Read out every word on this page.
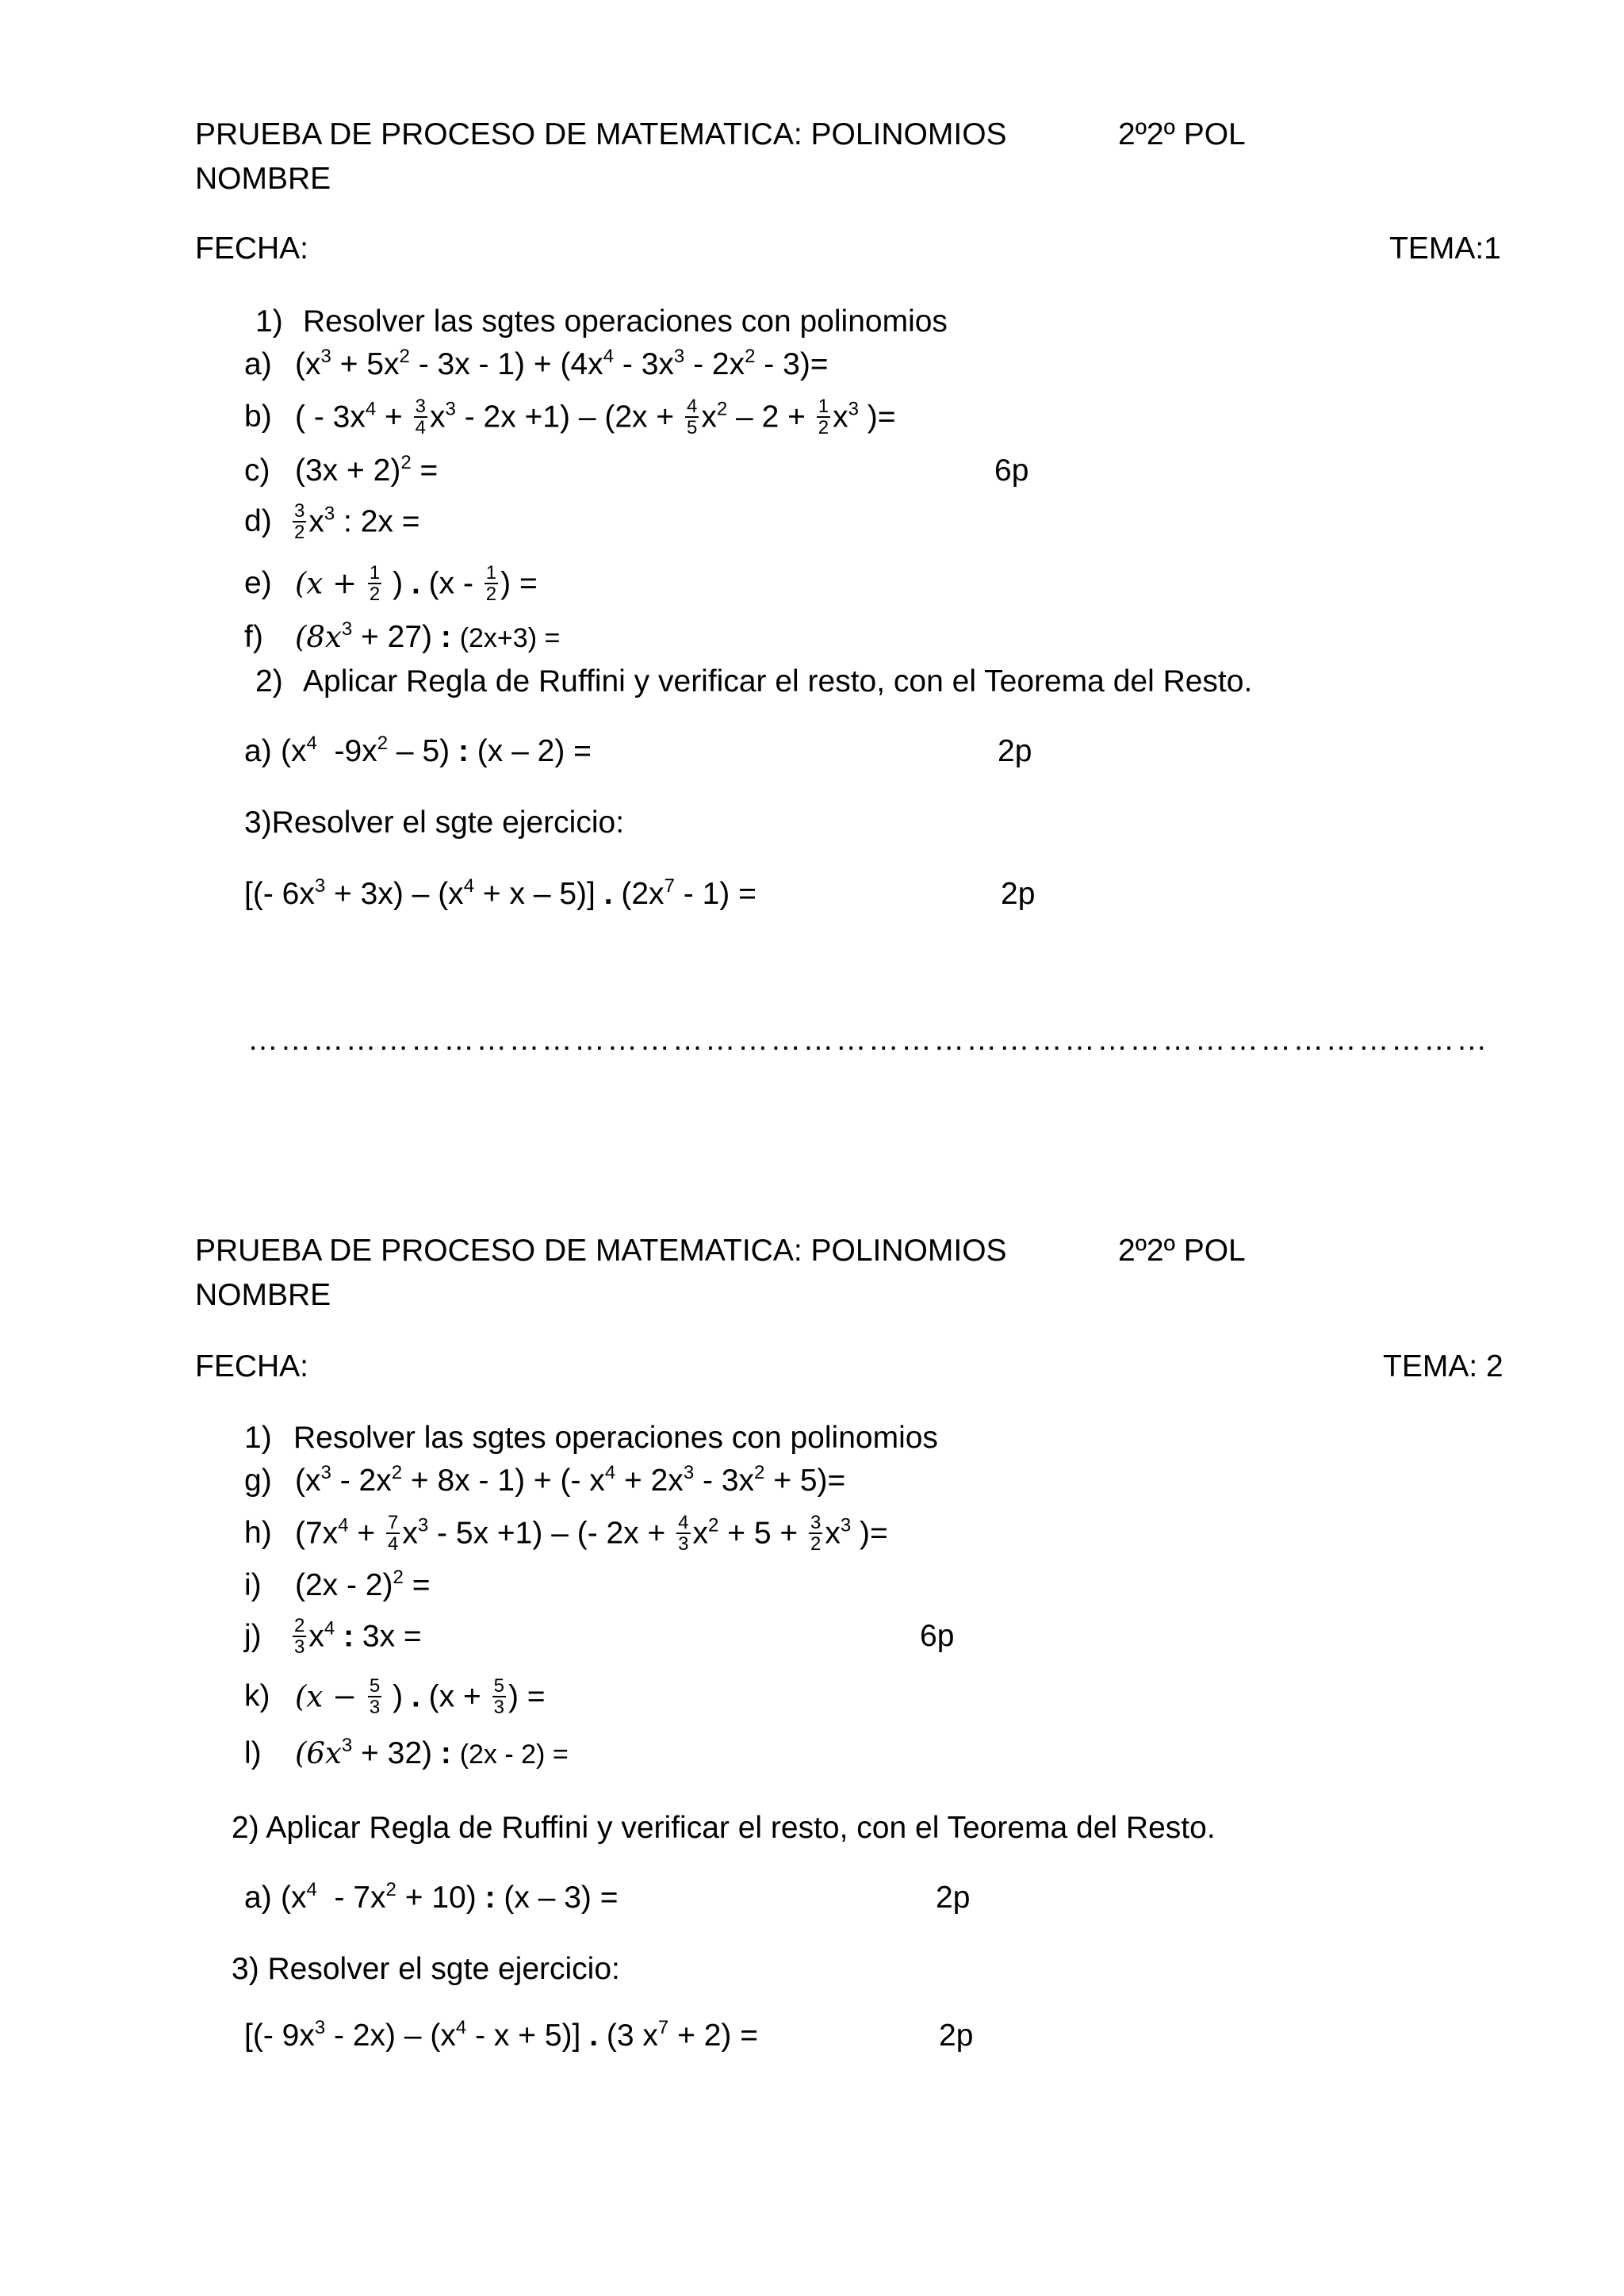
PRUEBA DE PROCESO DE MATEMATICA: POLINOMIOS	2º2º POL
NOMBRE
FECHA:	TEMA:1
1) Resolver las sgtes operaciones con polinomios
a) $(x^3 + 5x^2 - 3x - 1) + (4x^4 - 3x^3 - 2x^2 - 3)=$
b) ( - $3x^4 + \frac{3}{4} x^3 - 2x +1) - (2x + \frac{4}{5} x^2 - 2 + \frac{1}{2} x^3$ )=
c) $(3x + 2)^2$ =	6p
$d) \frac{3}{2} x^3$ : 2x =
e) ($x + \frac{1}{2}$ ) . ($x - \frac{1}{2}$ ) =
f) $(8x^3 + 27)$ : (2x+3) =
2) Aplicar Regla de Ruffini y verificar el resto, con el Teorema del Resto.
a) ($x^4$  $-9x^2 - 5$) : (x – 2) =	2p
3)Resolver el sgte ejercicio:
[(- $6x^3 + 3x) - (x^4 + x - 5)$] . $(2x^7 - 1)$ =	2p
……………………………………………………………………………………………………
PRUEBA DE PROCESO DE MATEMATICA: POLINOMIOS	2º2º POL
NOMBRE
FECHA:	TEMA: 2
1) Resolver las sgtes operaciones con polinomios
g) $(x^3 - 2x^2 + 8x - 1)$ + (- $x^4 + 2x^3 - 3x^2 + 5)=$
h) $(7x^4 + \frac{7}{4} x^3 - 5x +1)$ – (- $2x + \frac{4}{3} x^2 + 5 + \frac{3}{2} x^3$ )=
i) (2x - 2)$^2$ =
$j) \frac{2}{3} x^4$ : 3x =	6p
k) ($x - \frac{5}{3}$ ) . ($x + \frac{5}{3}$ ) =
l) $(6x^3 + 32)$ : (2x - 2) =
2) Aplicar Regla de Ruffini y verificar el resto, con el Teorema del Resto.
a) $(x^4 - 7x^2 + 10)$ : (x – 3) =	2p
3) Resolver el sgte ejercicio:
[(- $9x^3 - 2x) - (x^4 - x + 5)$] . (3 $x^7 + 2$) =	2p
